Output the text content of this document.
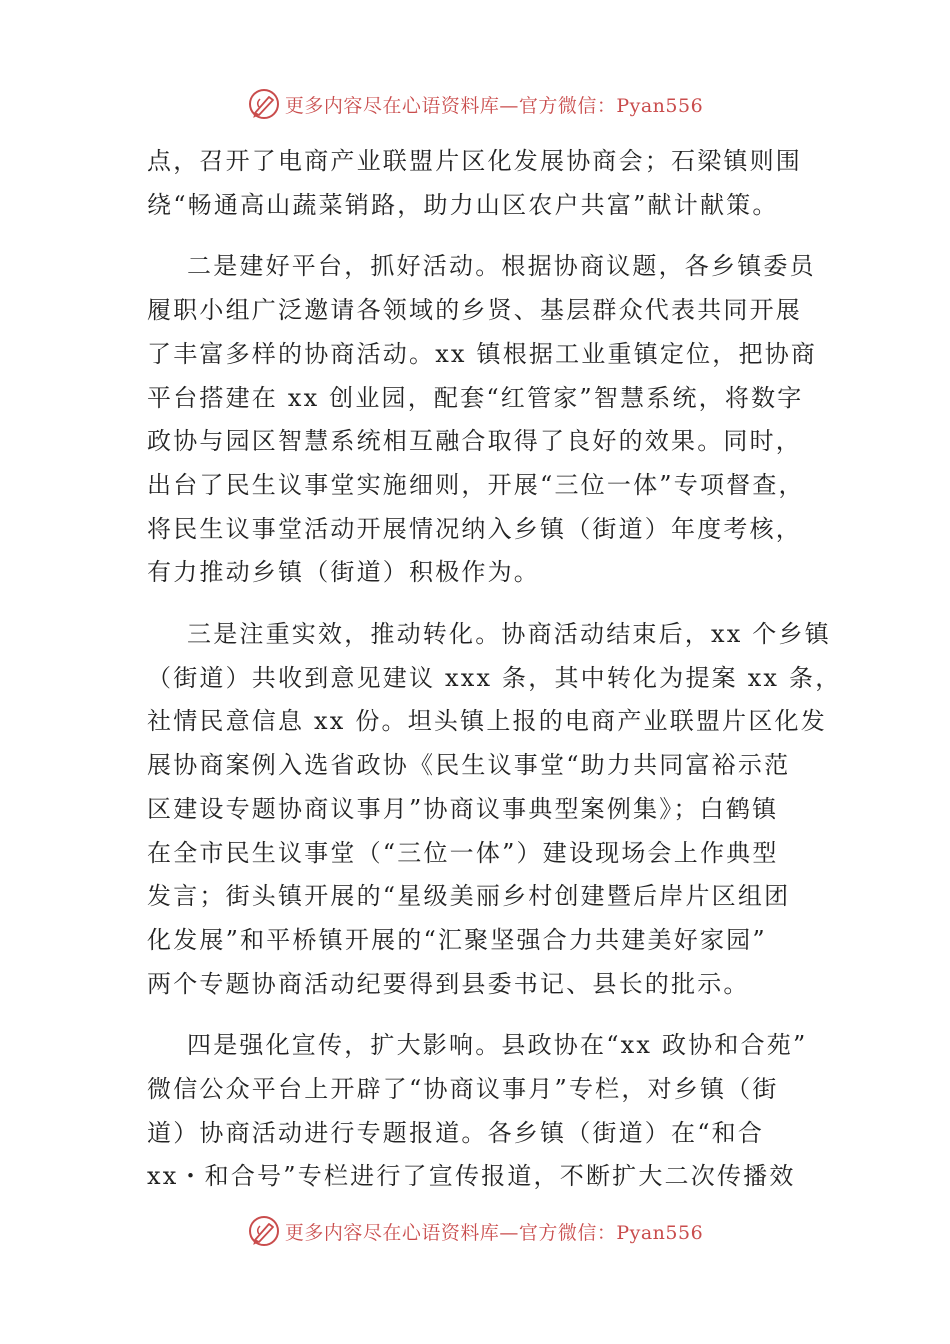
更多内容尽在心语资料库—官方微信：Pyan556

点，召开了电商产业联盟片区化发展协商会；石梁镇则围
绕“畅通高山蔬菜销路，助力山区农户共富”献计献策。

二是建好平台，抓好活动。根据协商议题，各乡镇委员
履职小组广泛邀请各领域的乡贤、基层群众代表共同开展
了丰富多样的协商活动。xx 镇根据工业重镇定位，把协商
平台搭建在 xx 创业园，配套“红管家”智慧系统，将数字
政协与园区智慧系统相互融合取得了良好的效果。同时，
出台了民生议事堂实施细则，开展“三位一体”专项督查，
将民生议事堂活动开展情况纳入乡镇（街道）年度考核，
有力推动乡镇（街道）积极作为。

三是注重实效，推动转化。协商活动结束后，xx 个乡镇
（街道）共收到意见建议 xxx 条，其中转化为提案 xx 条，
社情民意信息 xx 份。坦头镇上报的电商产业联盟片区化发
展协商案例入选省政协《民生议事堂“助力共同富裕示范
区建设专题协商议事月”协商议事典型案例集》；白鹤镇
在全市民生议事堂（“三位一体”）建设现场会上作典型
发言；街头镇开展的“星级美丽乡村创建暨后岸片区组团
化发展”和平桥镇开展的“汇聚坚强合力共建美好家园”
两个专题协商活动纪要得到县委书记、县长的批示。

四是强化宣传，扩大影响。县政协在“xx 政协和合苑”
微信公众平台上开辟了“协商议事月”专栏，对乡镇（街
道）协商活动进行专题报道。各乡镇（街道）在“和合
xx・和合号”专栏进行了宣传报道，不断扩大二次传播效

更多内容尽在心语资料库—官方微信：Pyan556
